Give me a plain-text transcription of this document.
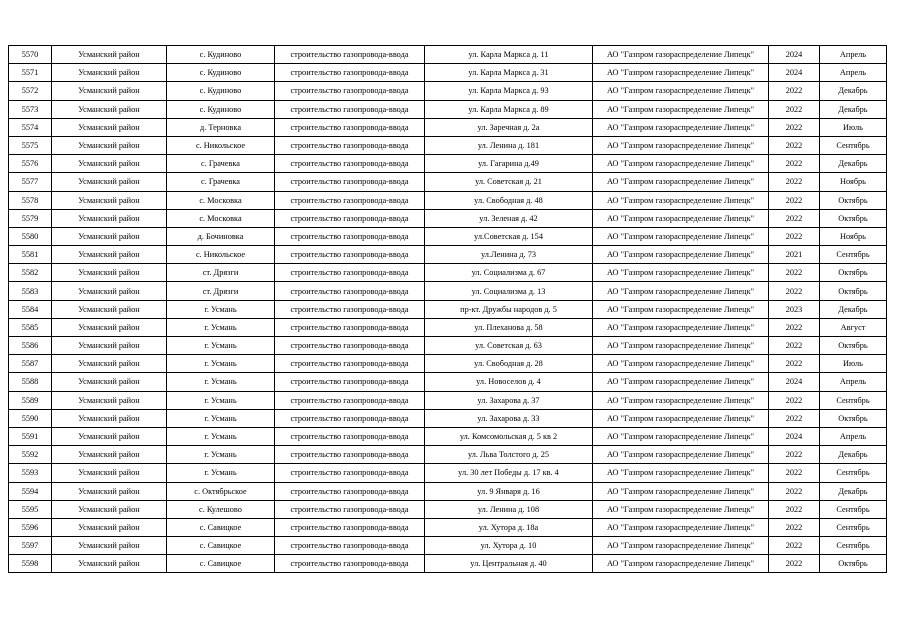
5570	Усманский район	с. Кудиново	строительство газопровода-ввода	ул. Карла Маркса д. 11	АО "Газпром газораспределение Липецк"	2024	Апрель
5571	Усманский район	с. Кудиново	строительство газопровода-ввода	ул. Карла Маркса д. 31	АО "Газпром газораспределение Липецк"	2024	Апрель
5572	Усманский район	с. Кудиново	строительство газопровода-ввода	ул. Карла Маркса д. 93	АО "Газпром газораспределение Липецк"	2022	Декабрь
5573	Усманский район	с. Кудиново	строительство газопровода-ввода	ул. Карла Маркса д. 89	АО "Газпром газораспределение Липецк"	2022	Декабрь
5574	Усманский район	д. Терновка	строительство газопровода-ввода	ул. Заречная д. 2а	АО "Газпром газораспределение Липецк"	2022	Июль
5575	Усманский район	с. Никольское	строительство газопровода-ввода	ул. Ленина д. 181	АО "Газпром газораспределение Липецк"	2022	Сентябрь
5576	Усманский район	с. Грачевка	строительство газопровода-ввода	ул. Гагарина д.49	АО "Газпром газораспределение Липецк"	2022	Декабрь
5577	Усманский район	с. Грачевка	строительство газопровода-ввода	ул. Советская д. 21	АО "Газпром газораспределение Липецк"	2022	Ноябрь
5578	Усманский район	с. Московка	строительство газопровода-ввода	ул. Свободная д. 48	АО "Газпром газораспределение Липецк"	2022	Октябрь
5579	Усманский район	с. Московка	строительство газопровода-ввода	ул. Зеленая д. 42	АО "Газпром газораспределение Липецк"	2022	Октябрь
5580	Усманский район	д. Бочиновка	строительство газопровода-ввода	ул.Советская д. 154	АО "Газпром газораспределение Липецк"	2022	Ноябрь
5581	Усманский район	с. Никольское	строительство газопровода-ввода	ул.Ленина д. 73	АО "Газпром газораспределение Липецк"	2021	Сентябрь
5582	Усманский район	ст. Дрязги	строительство газопровода-ввода	ул. Социализма д. 67	АО "Газпром газораспределение Липецк"	2022	Октябрь
5583	Усманский район	ст. Дрязги	строительство газопровода-ввода	ул. Социализма д. 13	АО "Газпром газораспределение Липецк"	2022	Октябрь
5584	Усманский район	г. Усмань	строительство газопровода-ввода	пр-кт. Дружбы народов д. 5	АО "Газпром газораспределение Липецк"	2023	Декабрь
5585	Усманский район	г. Усмань	строительство газопровода-ввода	ул. Плеханова д. 58	АО "Газпром газораспределение Липецк"	2022	Август
5586	Усманский район	г. Усмань	строительство газопровода-ввода	ул. Советская д. 63	АО "Газпром газораспределение Липецк"	2022	Октябрь
5587	Усманский район	г. Усмань	строительство газопровода-ввода	ул. Свободная д. 28	АО "Газпром газораспределение Липецк"	2022	Июль
5588	Усманский район	г. Усмань	строительство газопровода-ввода	ул. Новоселов д. 4	АО "Газпром газораспределение Липецк"	2024	Апрель
5589	Усманский район	г. Усмань	строительство газопровода-ввода	ул. Захарова д. 37	АО "Газпром газораспределение Липецк"	2022	Сентябрь
5590	Усманский район	г. Усмань	строительство газопровода-ввода	ул. Захарова д. 33	АО "Газпром газораспределение Липецк"	2022	Октябрь
5591	Усманский район	г. Усмань	строительство газопровода-ввода	ул. Комсомольская д. 5 кв 2	АО "Газпром газораспределение Липецк"	2024	Апрель
5592	Усманский район	г. Усмань	строительство газопровода-ввода	ул. Льва Толстого д. 25	АО "Газпром газораспределение Липецк"	2022	Декабрь
5593	Усманский район	г. Усмань	строительство газопровода-ввода	ул. 30 лет Победы д. 17 кв. 4	АО "Газпром газораспределение Липецк"	2022	Сентябрь
5594	Усманский район	с. Октябрьское	строительство газопровода-ввода	ул. 9 Января д. 16	АО "Газпром газораспределение Липецк"	2022	Декабрь
5595	Усманский район	с. Кулешово	строительство газопровода-ввода	ул. Ленина д. 108	АО "Газпром газораспределение Липецк"	2022	Сентябрь
5596	Усманский район	с. Савицкое	строительство газопровода-ввода	ул. Хутора д. 18а	АО "Газпром газораспределение Липецк"	2022	Сентябрь
5597	Усманский район	с. Савицкое	строительство газопровода-ввода	ул. Хутора д. 10	АО "Газпром газораспределение Липецк"	2022	Сентябрь
5598	Усманский район	с. Савицкое	строительство газопровода-ввода	ул. Центральная д. 40	АО "Газпром газораспределение Липецк"	2022	Октябрь
